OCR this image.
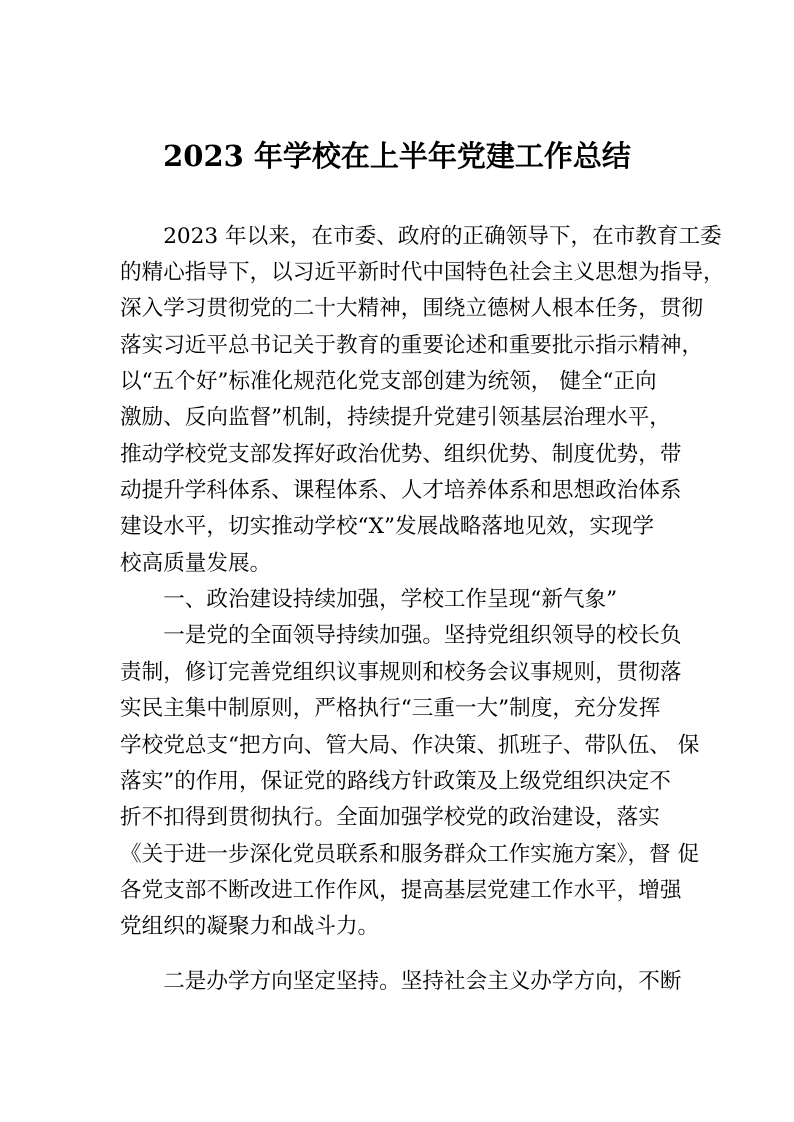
2023 年学校在上半年党建工作总结
　　2023 年以来，在市委、政府的正确领导下，在市教育工委
的精心指导下，以习近平新时代中国特色社会主义思想为指导，
深入学习贯彻党的二十大精神，围绕立德树人根本任务，贯彻
落实习近平总书记关于教育的重要论述和重要批示指示精神，
以“五个好”标准化规范化党支部创建为统领， 健全“正向
激励、反向监督”机制，持续提升党建引领基层治理水平，
推动学校党支部发挥好政治优势、组织优势、制度优势，带
动提升学科体系、课程体系、人才培养体系和思想政治体系
建设水平，切实推动学校“X”发展战略落地见效，实现学
校高质量发展。
　　一、政治建设持续加强，学校工作呈现“新气象”
　　一是党的全面领导持续加强。坚持党组织领导的校长负
责制，修订完善党组织议事规则和校务会议事规则，贯彻落
实民主集中制原则，严格执行“三重一大”制度，充分发挥
学校党总支“把方向、管大局、作决策、抓班子、带队伍、 保
落实”的作用，保证党的路线方针政策及上级党组织决定不
折不扣得到贯彻执行。全面加强学校党的政治建设，落实
《关于进一步深化党员联系和服务群众工作实施方案》，督 促
各党支部不断改进工作作风，提高基层党建工作水平，增强
党组织的凝聚力和战斗力。
　　二是办学方向坚定坚持。坚持社会主义办学方向，不断
